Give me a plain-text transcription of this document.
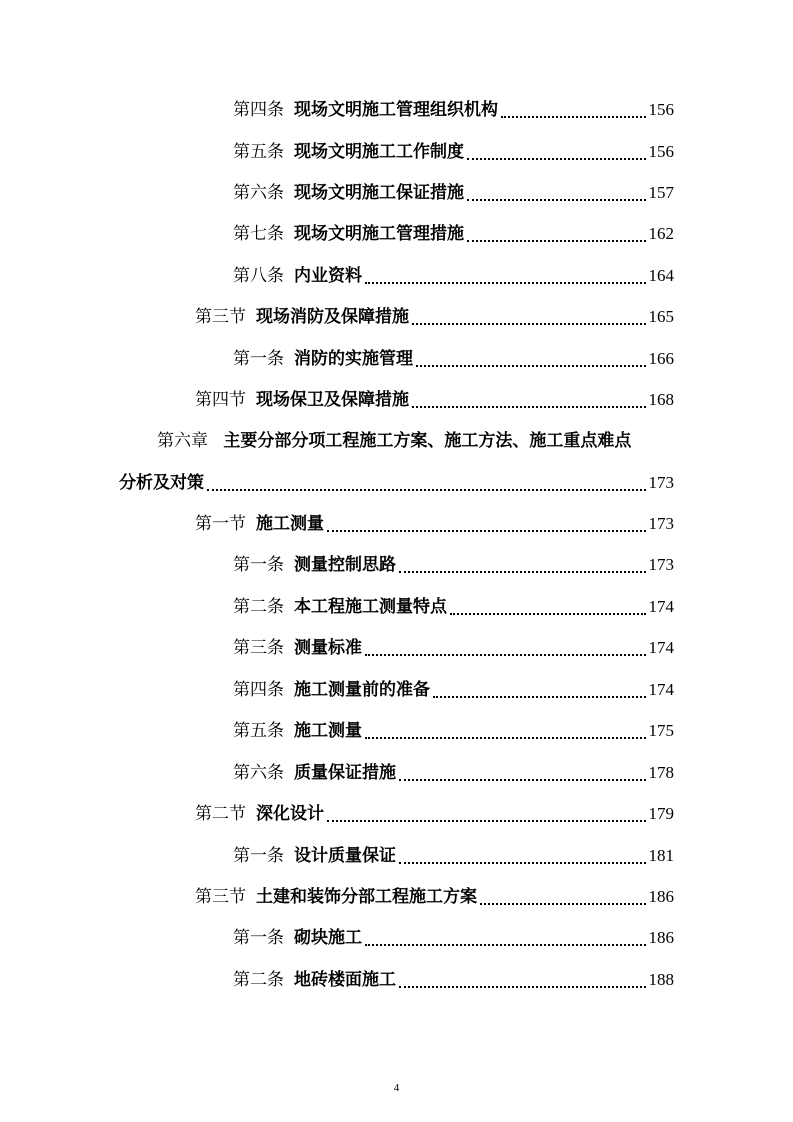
第四条 现场文明施工管理组织机构	156
第五条 现场文明施工工作制度	156
第六条 现场文明施工保证措施	157
第七条 现场文明施工管理措施	162
第八条 内业资料	164
第三节 现场消防及保障措施	165
第一条 消防的实施管理	166
第四节 现场保卫及保障措施	168
第六章 主要分部分项工程施工方案、施工方法、施工重点难点
分析及对策	173
第一节 施工测量	173
第一条 测量控制思路	173
第二条 本工程施工测量特点	174
第三条 测量标准	174
第四条 施工测量前的准备	174
第五条 施工测量	175
第六条 质量保证措施	178
第二节 深化设计	179
第一条 设计质量保证	181
第三节 土建和装饰分部工程施工方案	186
第一条 砌块施工	186
第二条 地砖楼面施工	188
4
